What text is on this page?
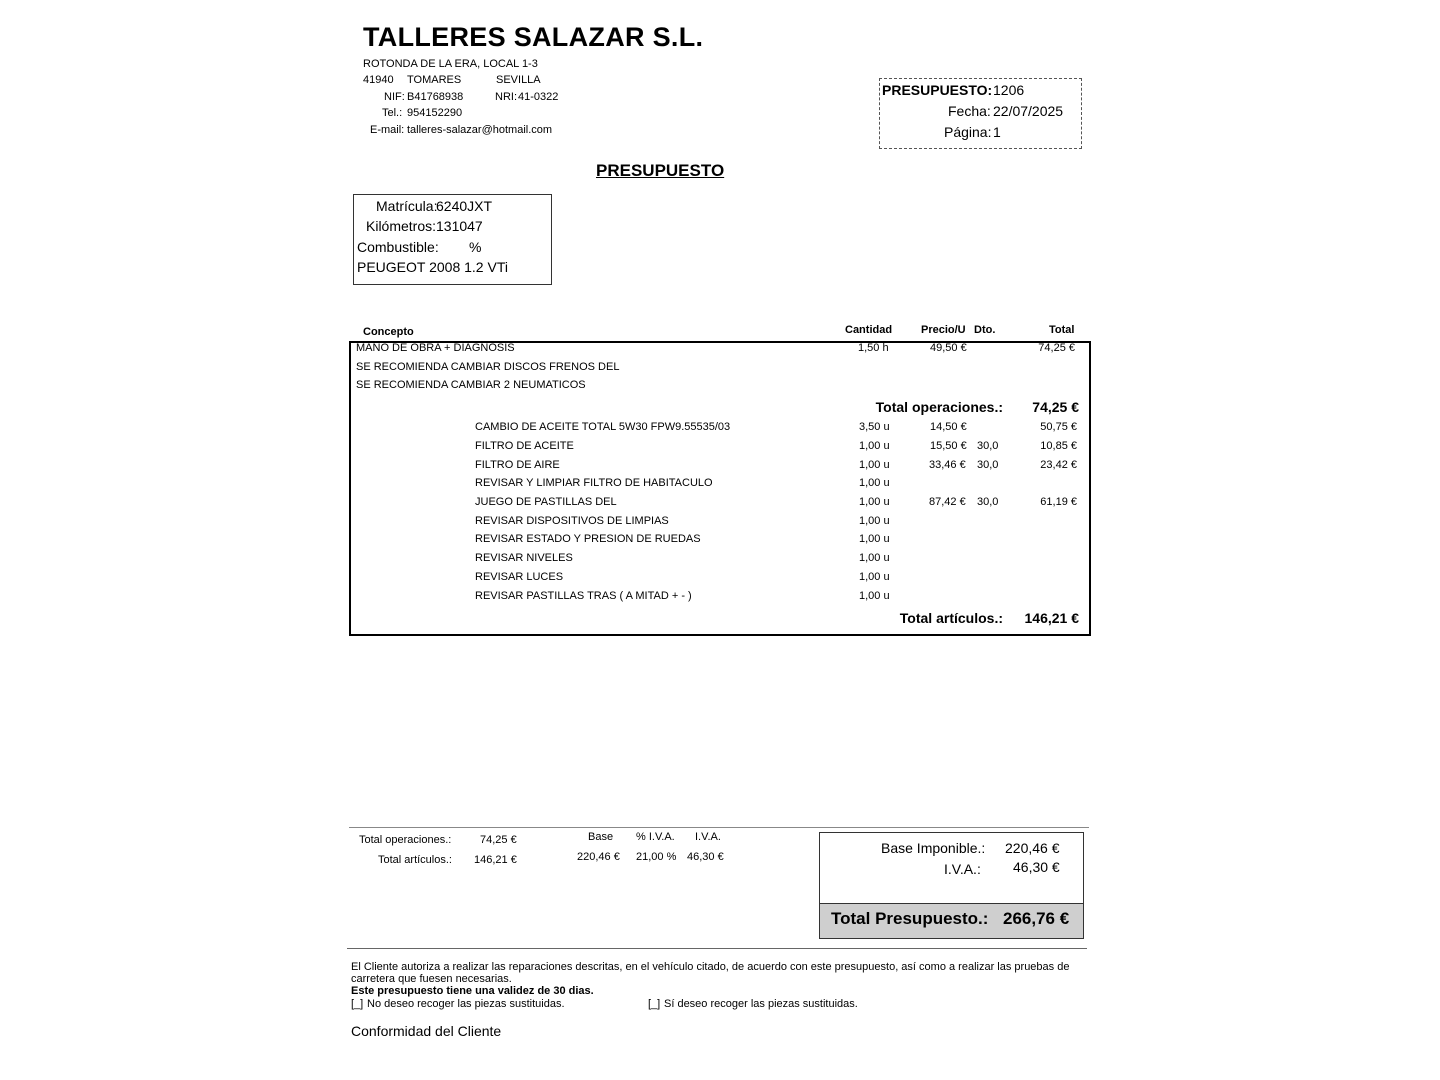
TALLERES SALAZAR S.L.
ROTONDA DE LA ERA, LOCAL 1-3
41940 TOMARES	SEVILLA
NIF: B41768938	NRI: 41-0322
Tel.: 954152290
E-mail: talleres-salazar@hotmail.com
PRESUPUESTO: 1206
Fecha: 22/07/2025
Página: 1
PRESUPUESTO
Matrícula:
6240JXT
Kilómetros: 131047
Combustible: %
PEUGEOT 2008 1.2 VTi
Concepto	Cantidad	Precio/U Dto.	Total
MANO DE OBRA + DIAGNOSIS	1,50 h	49,50 €	74,25 €
SE RECOMIENDA CAMBIAR DISCOS FRENOS DEL
SE RECOMIENDA CAMBIAR 2 NEUMATICOS
Total operaciones.: 74,25 €
CAMBIO DE ACEITE TOTAL 5W30 FPW9.55535/03	3,50 u	14,50 €	50,75 €
FILTRO DE ACEITE	1,00 u	15,50 € 30,0	10,85 €
FILTRO DE AIRE	1,00 u	33,46 € 30,0	23,42 €
REVISAR Y LIMPIAR FILTRO DE HABITACULO	1,00 u
JUEGO DE PASTILLAS DEL	1,00 u	87,42 € 30,0	61,19 €
REVISAR DISPOSITIVOS DE LIMPIAS	1,00 u
REVISAR ESTADO Y PRESION DE RUEDAS	1,00 u
REVISAR NIVELES	1,00 u
REVISAR LUCES	1,00 u
REVISAR PASTILLAS TRAS ( A MITAD + - )	1,00 u
Total artículos.: 146,21 €
Total operaciones.:	74,25 €
Total artículos.: 146,21 €
Base % I.V.A. I.V.A.
220,46 € 21,00 % 46,30 €
Base Imponible.: 220,46 €
I.V.A.: 46,30 €
Total Presupuesto.: 266,76 €
El Cliente autoriza a realizar las reparaciones descritas, en el vehículo citado, de acuerdo con este presupuesto, así como a realizar las pruebas de
carretera que fuesen necesarias.
Este presupuesto tiene una validez de 30 dias.
[_] No deseo recoger las piezas sustituidas.	[_] Sí deseo recoger las piezas sustituidas.
Conformidad del Cliente
